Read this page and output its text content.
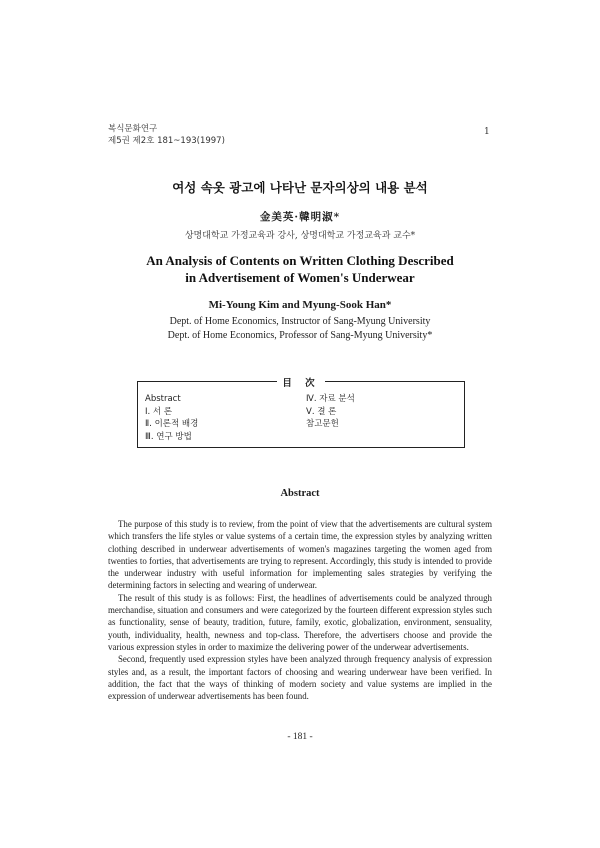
복식문화연구
제5권 제2호 181~193(1997)
1
여성 속옷 광고에 나타난 문자의상의 내용 분석
金美英·韓明淑*
상명대학교 가정교육과 강사, 상명대학교 가정교육과 교수*
An Analysis of Contents on Written Clothing Described
in Advertisement of Women's Underwear
Mi-Young Kim and Myung-Sook Han*
Dept. of Home Economics, Instructor of Sang-Myung University
Dept. of Home Economics, Professor of Sang-Myung University*
目 次
Abstract
Ⅰ. 서 론
Ⅱ. 이론적 배경
Ⅲ. 연구 방법
Ⅳ. 자료 분석
Ⅴ. 결 론
참고문헌
Abstract

The purpose of this study is to review, from the point of view that the advertisements are cultural system which transfers the life styles or value systems of a certain time, the expression styles by analyzing written clothing described in underwear advertisements of women's magazines targeting the women aged from twenties to forties, that advertisements are trying to represent. Accordingly, this study is intended to provide the underwear industry with useful information for implementing sales strategies by verifying the determining factors in selecting and wearing of underwear.

The result of this study is as follows: First, the headlines of advertisements could be analyzed through merchandise, situation and consumers and were categorized by the fourteen different expression styles such as functionality, sense of beauty, tradition, future, family, exotic, globalization, environment, sensuality, youth, individuality, health, newness and top-class. Therefore, the advertisers choose and provide the various expression styles in order to maximize the delivering power of the underwear advertisements.

Second, frequently used expression styles have been analyzed through frequency analysis of expression styles and, as a result, the important factors of choosing and wearing underwear have been verified. In addition, the fact that the ways of thinking of modern society and value systems are implied in the expression of underwear advertisements has been found.

- 181 -
